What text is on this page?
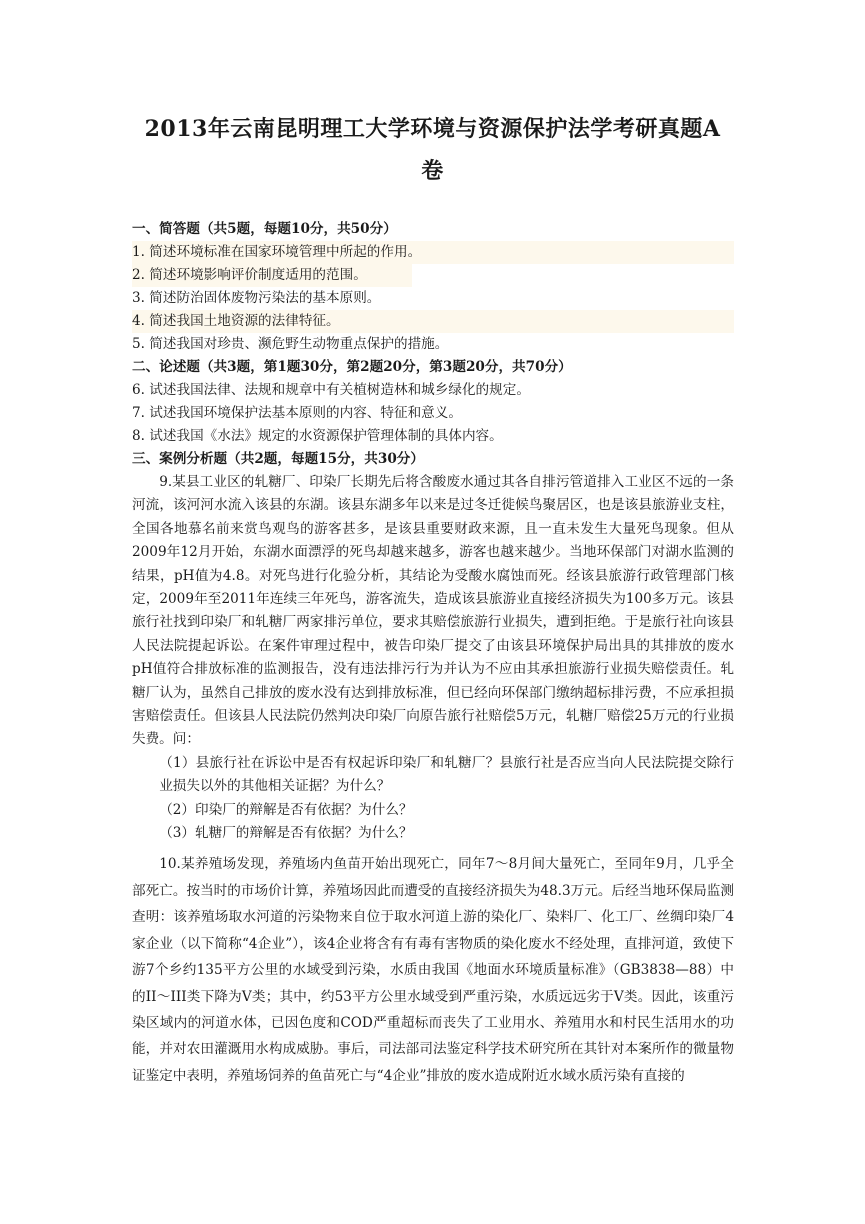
2013年云南昆明理工大学环境与资源保护法学考研真题A
卷
一、简答题（共5题，每题10分，共50分）
1. 简述环境标准在国家环境管理中所起的作用。
2. 简述环境影响评价制度适用的范围。
3. 简述防治固体废物污染法的基本原则。
4. 简述我国土地资源的法律特征。
5. 简述我国对珍贵、濒危野生动物重点保护的措施。
二、论述题（共3题，第1题30分，第2题20分，第3题20分，共70分）
6. 试述我国法律、法规和规章中有关植树造林和城乡绿化的规定。
7. 试述我国环境保护法基本原则的内容、特征和意义。
8. 试述我国《水法》规定的水资源保护管理体制的具体内容。
三、案例分析题（共2题，每题15分，共30分）

9.某县工业区的轧糖厂、印染厂长期先后将含酸废水通过其各自排污管道排入工业区不远的一条河流，该河河水流入该县的东湖。该县东湖多年以来是过冬迁徙候鸟聚居区，也是该县旅游业支柱，全国各地慕名前来赏鸟观鸟的游客甚多，是该县重要财政来源，且一直未发生大量死鸟现象。但从2009年12月开始，东湖水面漂浮的死鸟却越来越多，游客也越来越少。当地环保部门对湖水监测的结果，pH值为4.8。对死鸟进行化验分析，其结论为受酸水腐蚀而死。经该县旅游行政管理部门核定，2009年至2011年连续三年死鸟，游客流失，造成该县旅游业直接经济损失为100多万元。该县旅行社找到印染厂和轧糖厂两家排污单位，要求其赔偿旅游行业损失，遭到拒绝。于是旅行社向该县人民法院提起诉讼。在案件审理过程中，被告印染厂提交了由该县环境保护局出具的其排放的废水pH值符合排放标准的监测报告，没有违法排污行为并认为不应由其承担旅游行业损失赔偿责任。轧糖厂认为，虽然自己排放的废水没有达到排放标准，但已经向环保部门缴纳超标排污费，不应承担损害赔偿责任。但该县人民法院仍然判决印染厂向原告旅行社赔偿5万元，轧糖厂赔偿25万元的行业损失费。问：

（1）县旅行社在诉讼中是否有权起诉印染厂和轧糖厂？县旅行社是否应当向人民法院提交除行业损失以外的其他相关证据？为什么？

（2）印染厂的辩解是否有依据？为什么？
（3）轧糖厂的辩解是否有依据？为什么？

10.某养殖场发现，养殖场内鱼苗开始出现死亡，同年7～8月间大量死亡，至同年9月，几乎全部死亡。按当时的市场价计算，养殖场因此而遭受的直接经济损失为48.3万元。后经当地环保局监测查明：该养殖场取水河道的污染物来自位于取水河道上游的染化厂、染料厂、化工厂、丝绸印染厂4家企业（以下简称“4企业”），该4企业将含有有毒有害物质的染化废水不经处理，直排河道，致使下游7个乡约135平方公里的水域受到污染，水质由我国《地面水环境质量标准》（GB3838—88）中的II～III类下降为V类；其中，约53平方公里水域受到严重污染，水质远远劣于V类。因此，该重污染区域内的河道水体，已因色度和COD严重超标而丧失了工业用水、养殖用水和村民生活用水的功能，并对农田灌溉用水构成威胁。事后，司法部司法鉴定科学技术研究所在其针对本案所作的微量物证鉴定中表明，养殖场饲养的鱼苗死亡与“4企业”排放的废水造成附近水域水质污染有直接的
